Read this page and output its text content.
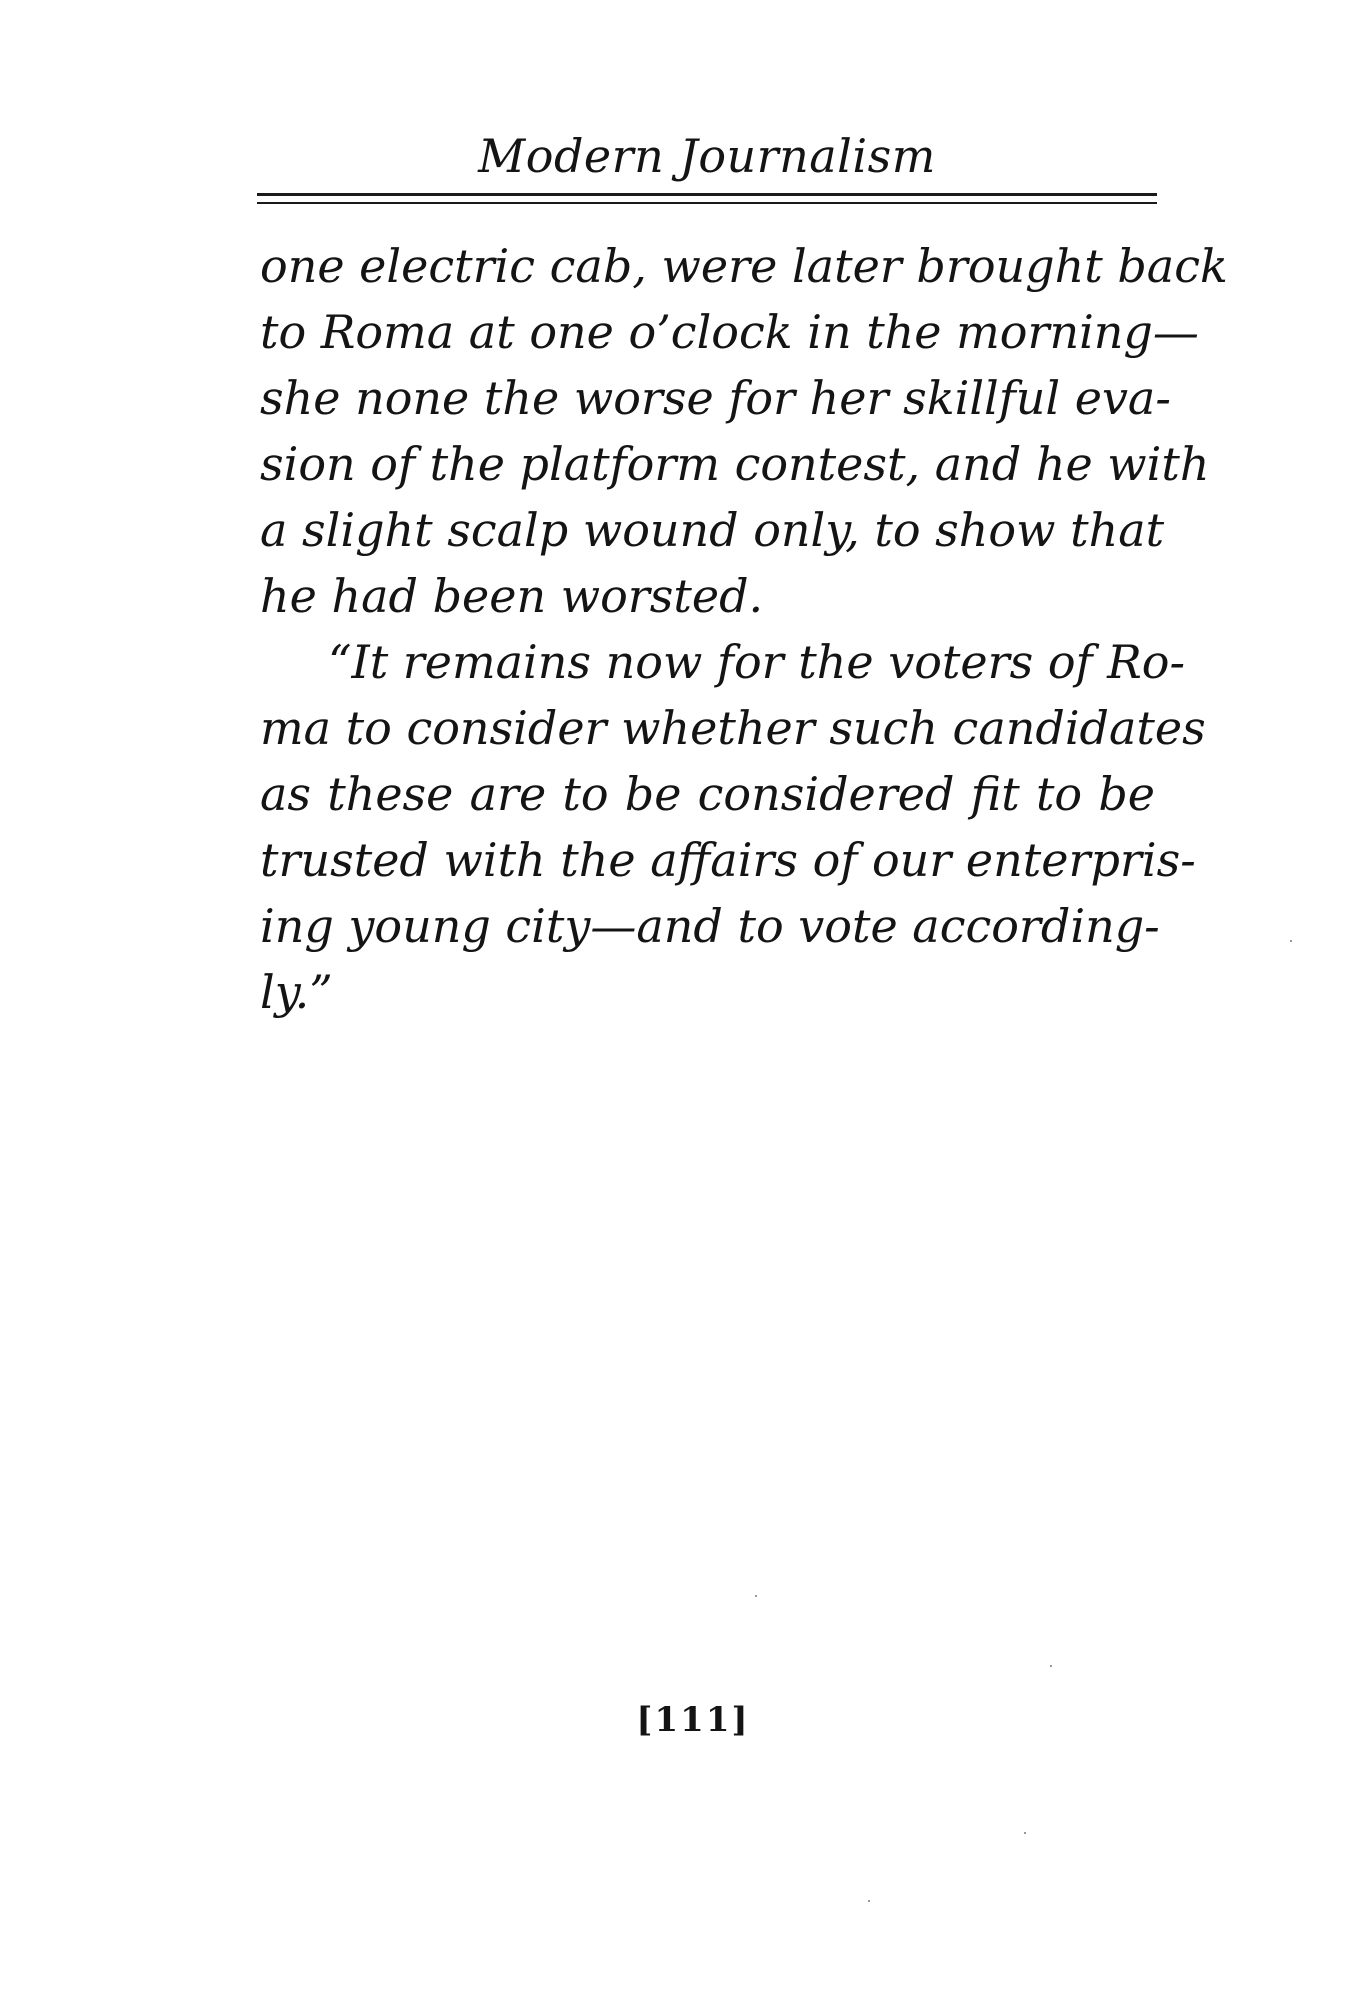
Modern Journalism
one electric cab, were later brought back
to Roma at one o’clock in the morning—
she none the worse for her skillful eva-
sion of the platform contest, and he with
a slight scalp wound only, to show that
he had been worsted.
“It remains now for the voters of Ro-
ma to consider whether such candidates
as these are to be considered fit to be
trusted with the affairs of our enterpris-
ing young city—and to vote according-
ly.”
[111]
